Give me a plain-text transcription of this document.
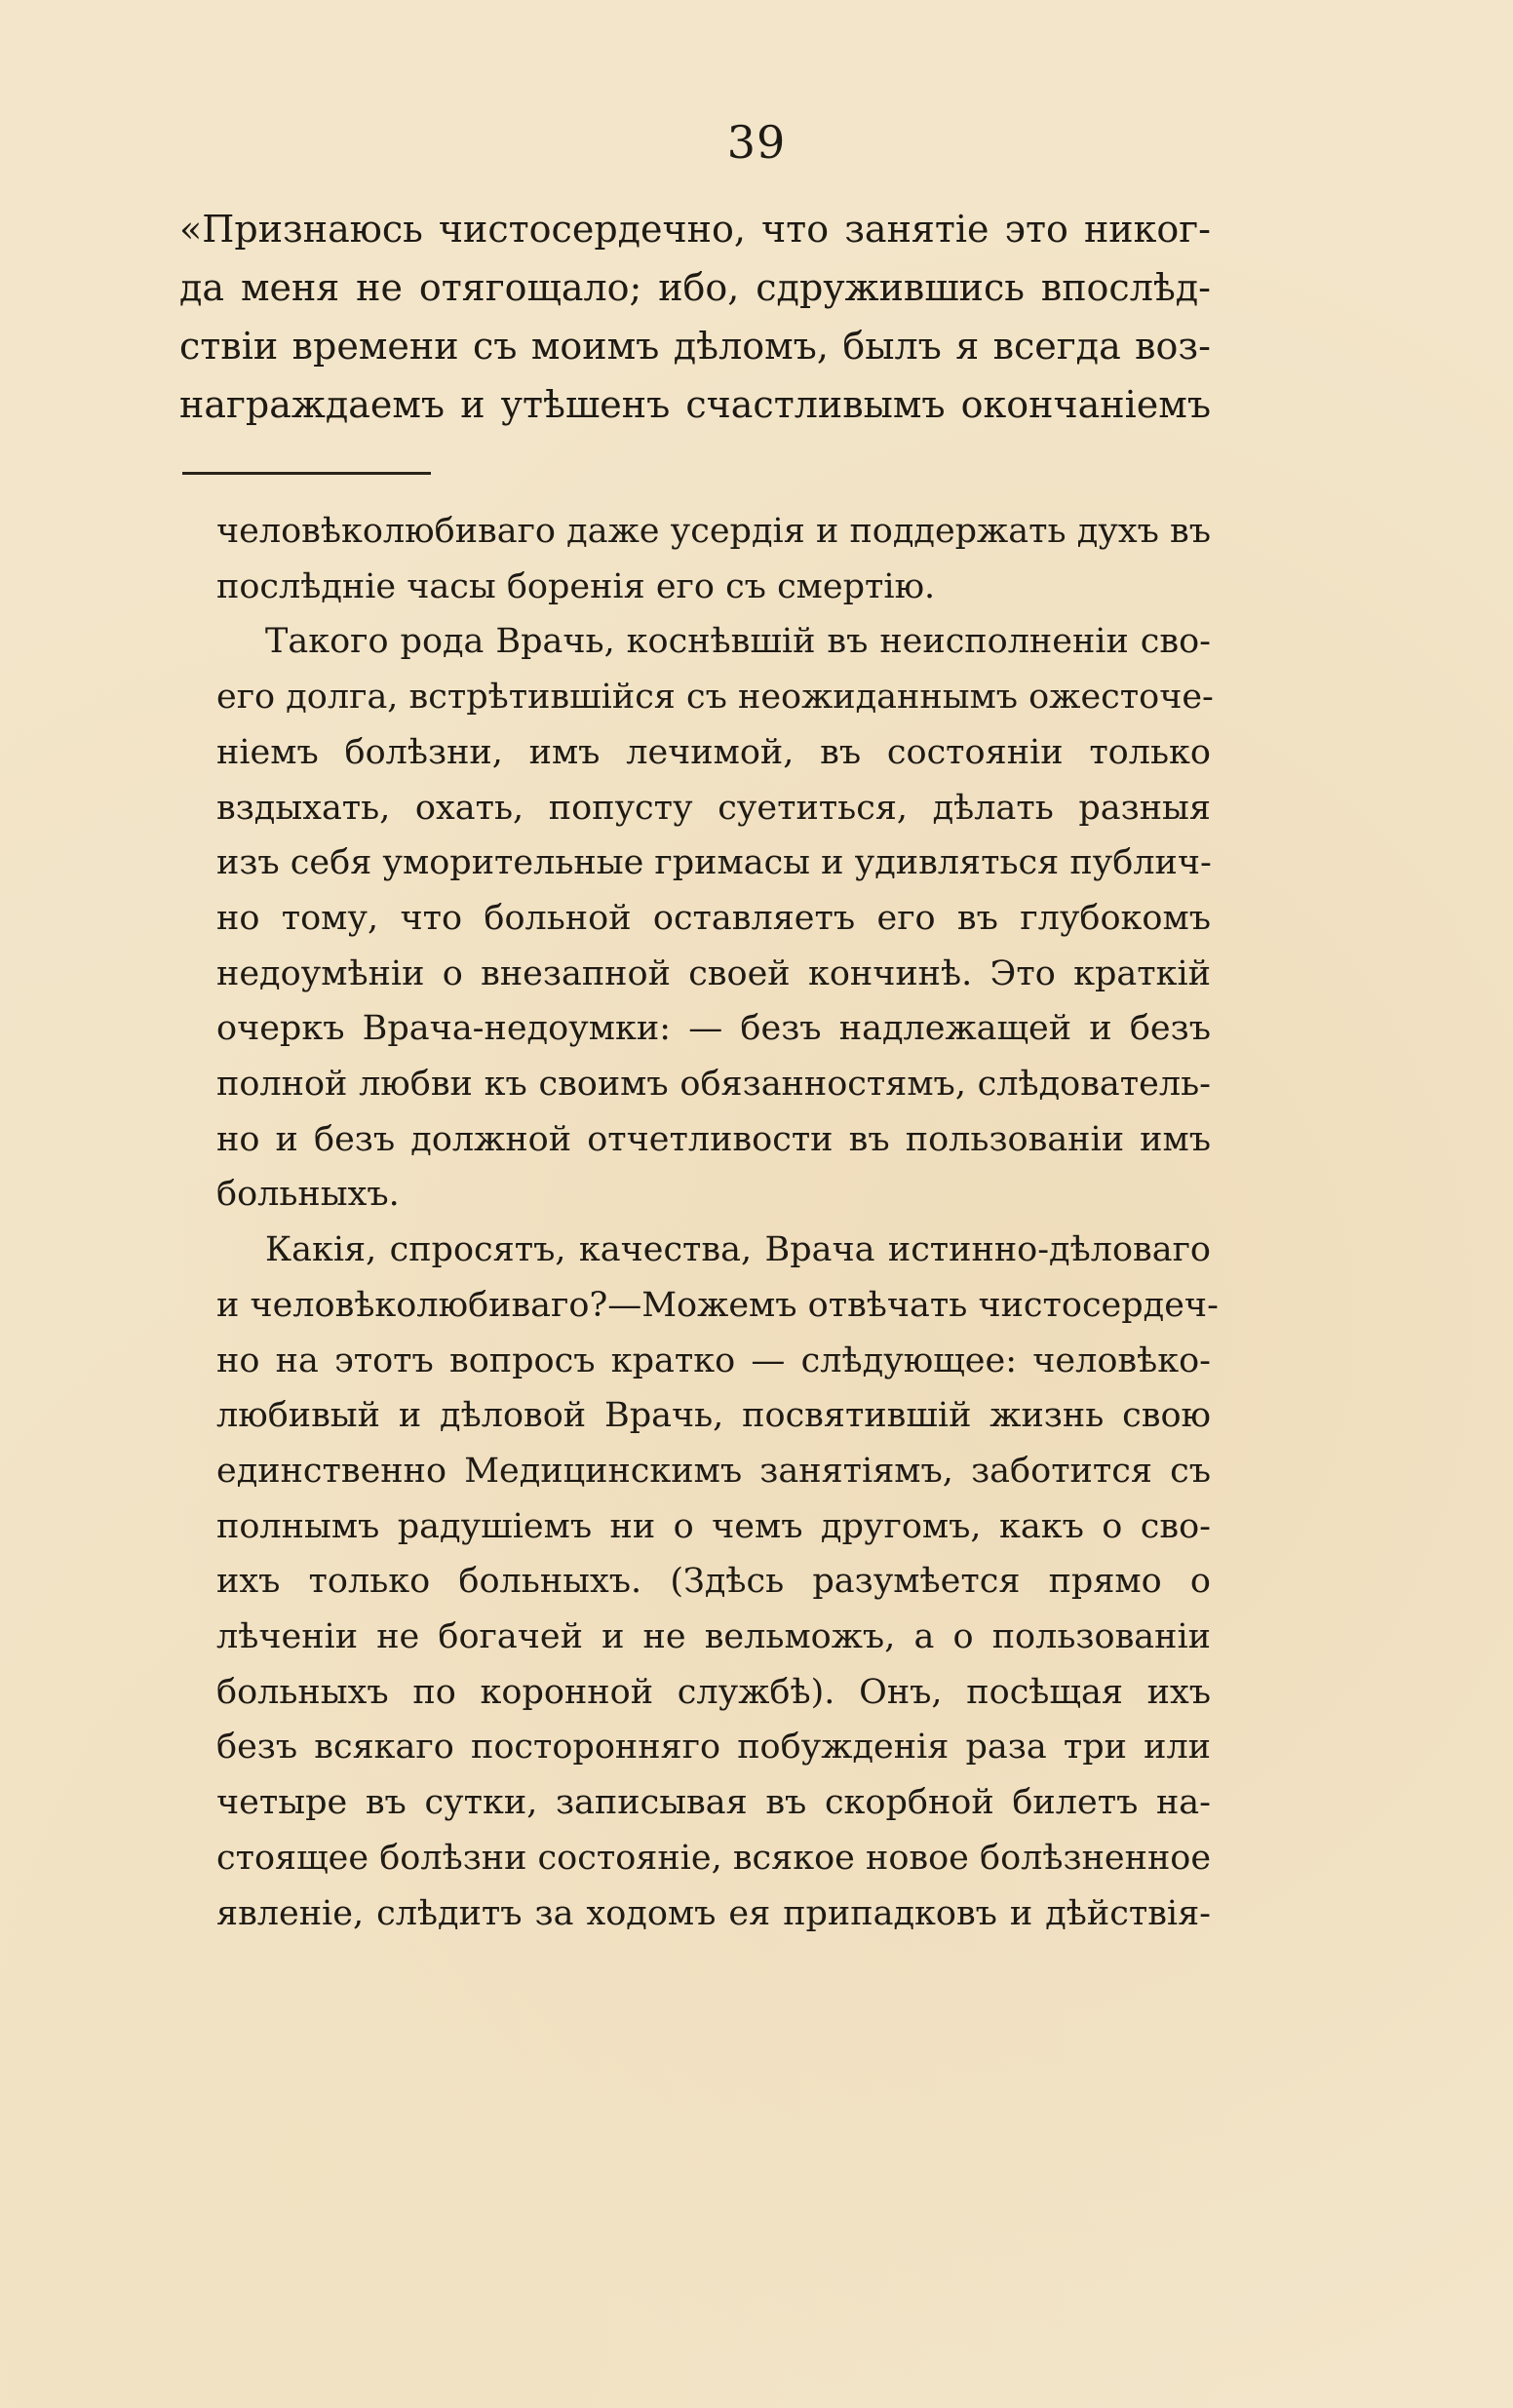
39
«Признаюсь чистосердечно, что занятіе это никог-
да меня не отягощало; ибо, сдружившись впослѣд-
ствіи времени съ моимъ дѣломъ, былъ я всегда воз-
награждаемъ и утѣшенъ счастливымъ окончаніемъ
человѣколюбиваго даже усердія и поддержать духъ въ
послѣдніе часы боренія его съ смертію.
Такого рода Врачь, коснѣвшій въ неисполненіи сво-
его долга, встрѣтившійся съ неожиданнымъ ожесточе-
ніемъ болѣзни, имъ лечимой, въ состояніи только
вздыхать, охать, попусту суетиться, дѣлать разныя
изъ себя уморительные гримасы и удивляться публич-
но тому, что больной оставляетъ его въ глубокомъ
недоумѣніи о внезапной своей кончинѣ. Это краткій
очеркъ Врача-недоумки: — безъ надлежащей и безъ
полной любви къ своимъ обязанностямъ, слѣдователь-
но и безъ должной отчетливости въ пользованіи имъ
больныхъ.
Какія, спросятъ, качества, Врача истинно-дѣловаго
и человѣколюбиваго?—Можемъ отвѣчать чистосердеч-
но на этотъ вопросъ кратко — слѣдующее: человѣко-
любивый и дѣловой Врачь, посвятившій жизнь свою
единственно Медицинскимъ занятіямъ, заботится съ
полнымъ радушіемъ ни о чемъ другомъ, какъ о сво-
ихъ только больныхъ. (Здѣсь разумѣется прямо о
лѣченіи не богачей и не вельможъ, а о пользованіи
больныхъ по коронной службѣ). Онъ, посѣщая ихъ
безъ всякаго посторонняго побужденія раза три или
четыре въ сутки, записывая въ скорбной билетъ на-
стоящее болѣзни состояніе, всякое новое болѣзненное
явленіе, слѣдитъ за ходомъ ея припадковъ и дѣйствія-
